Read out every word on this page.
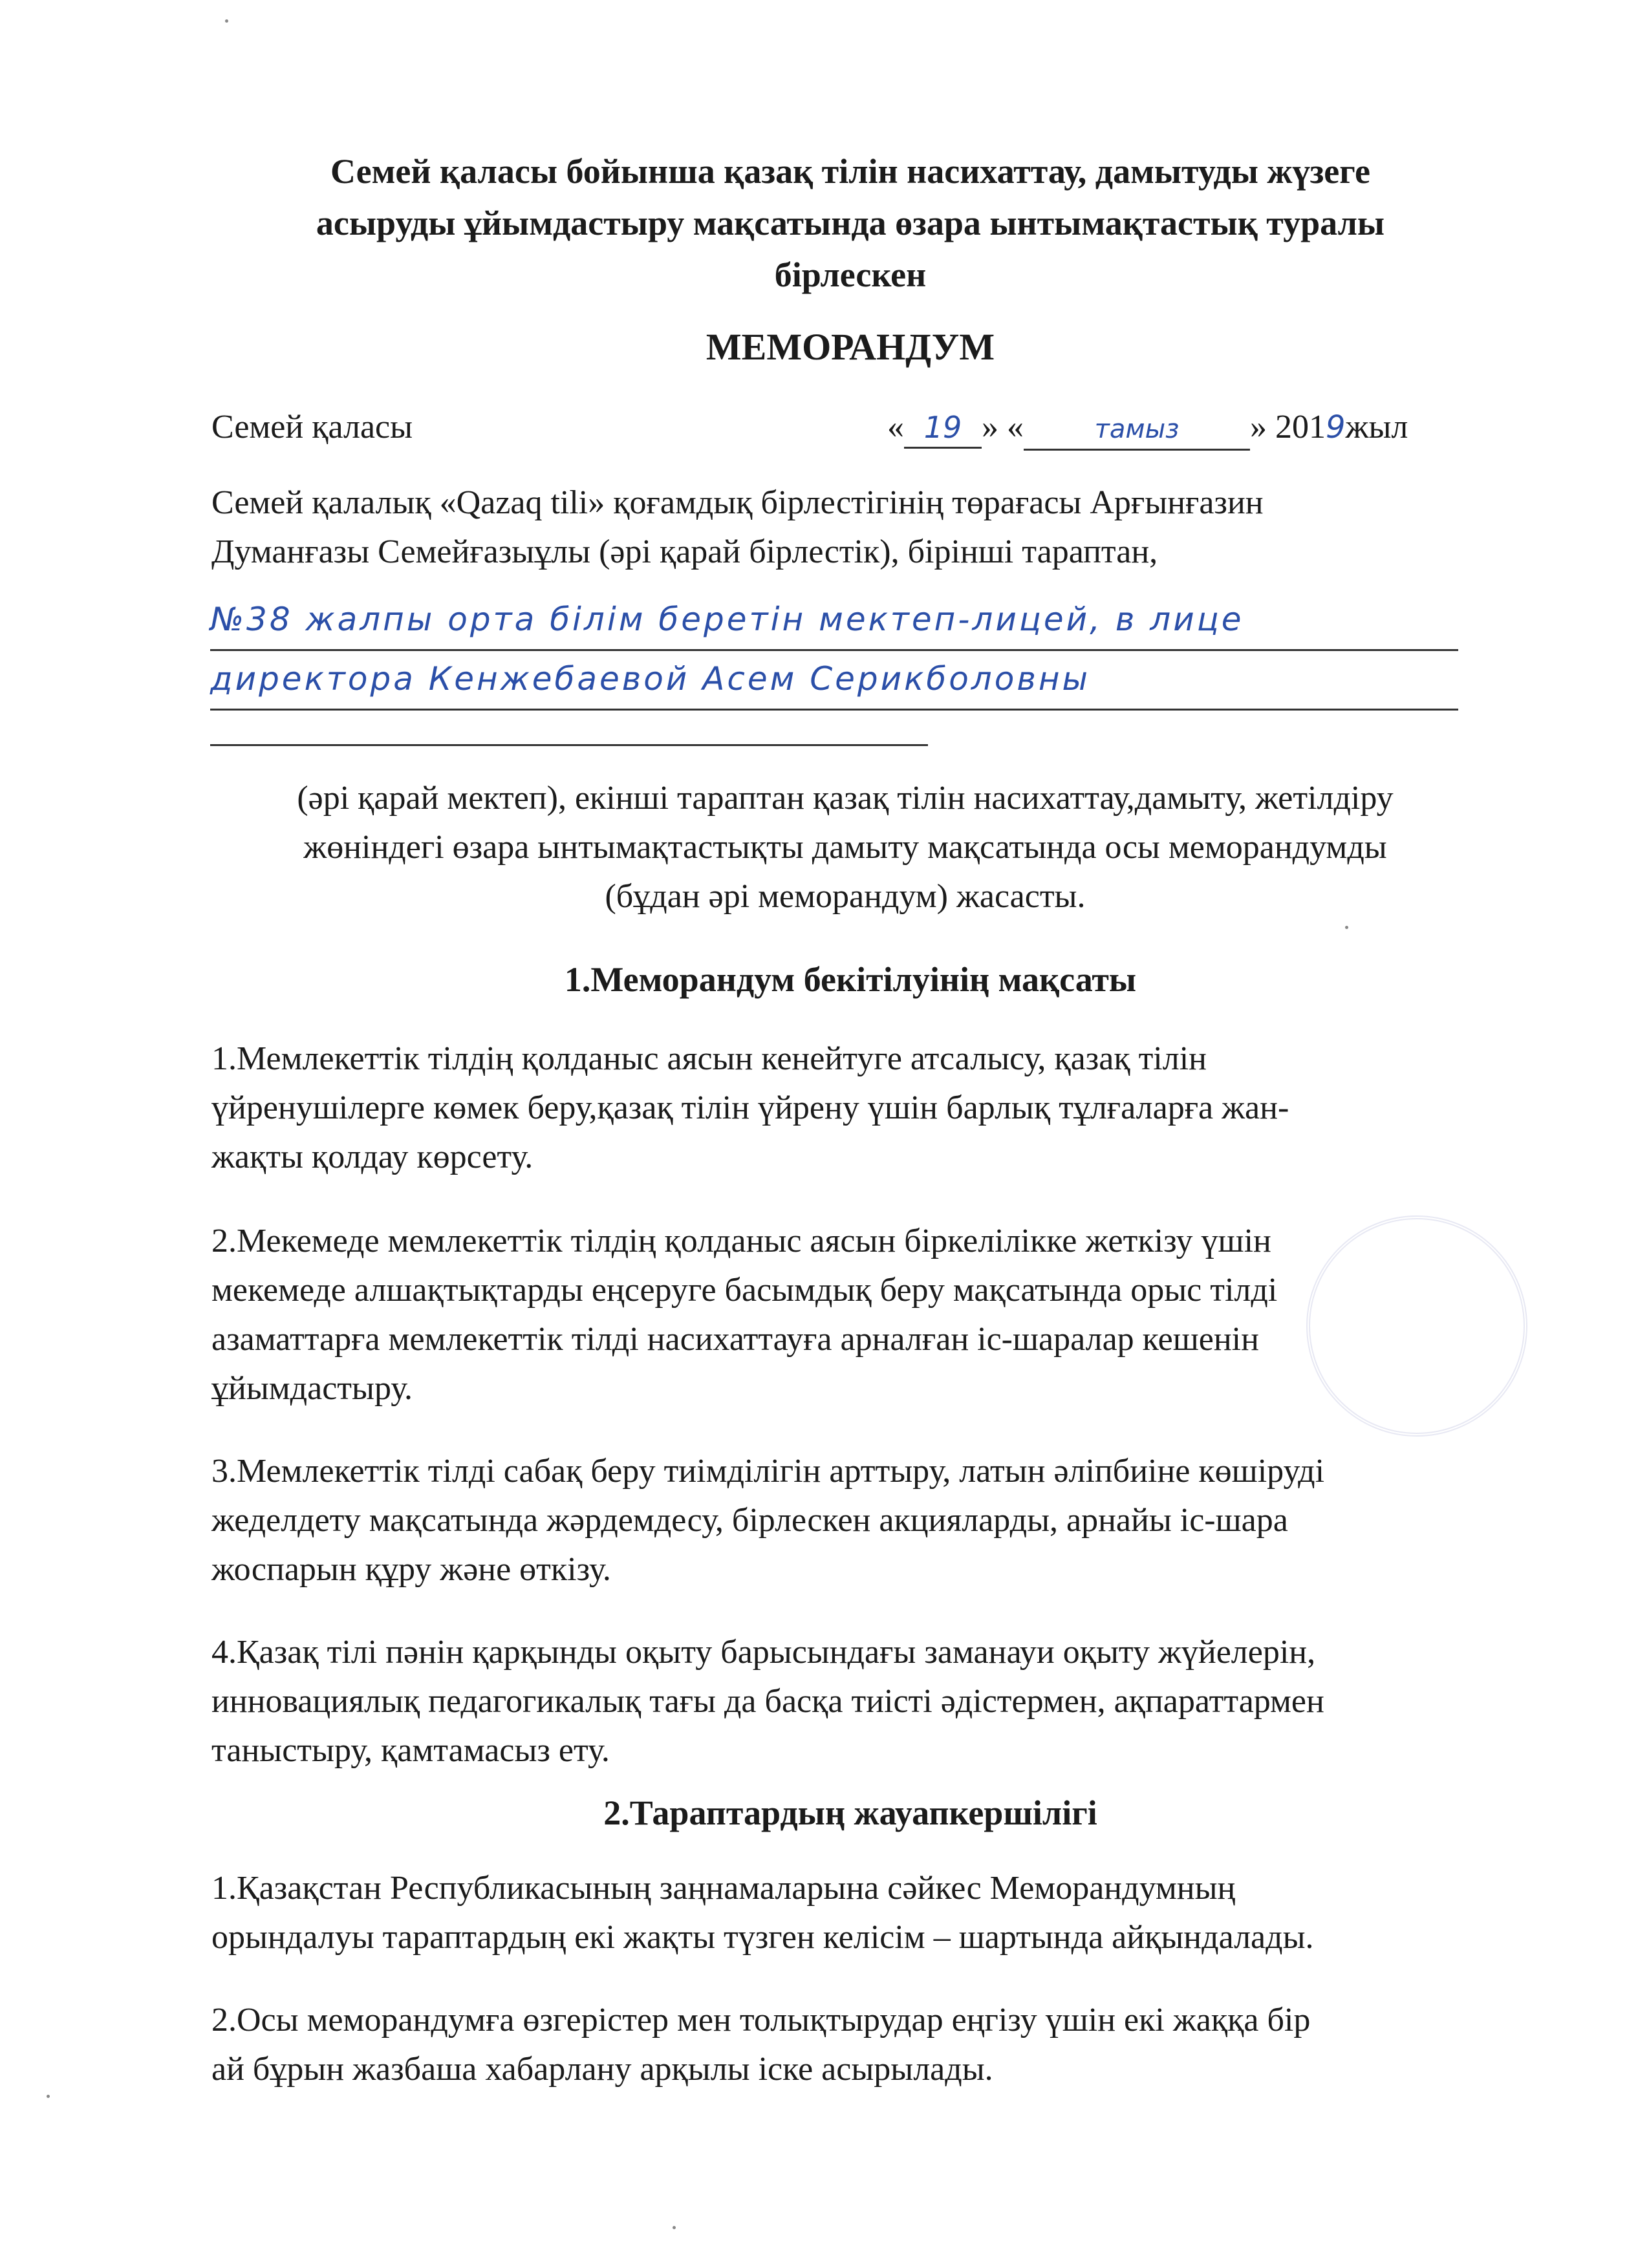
Семей қаласы бойынша қазақ тілін насихаттау, дамытуды жүзеге
асыруды ұйымдастыру мақсатында өзара ынтымақтастық туралы
бірлескен
МЕМОРАНДУМ
Семей қаласы	« 19 » «	тамыз » 2019жыл
Семей қалалық «Qazaq tili» қоғамдық бірлестігінің төрағасы Арғынғазин
Думанғазы Семейғазыұлы (әрі қарай бірлестік), бірінші тараптан,
№38 жалпы орта білім беретін мектеп-лицей, в лице
директора Кенжебаевой Асем Серикболовны
(әрі қарай мектеп), екінші тараптан қазақ тілін насихаттау,дамыту, жетілдіру
жөніндегі өзара ынтымақтастықты дамыту мақсатында осы меморандумды
(бұдан әрі меморандум) жасасты.
1.Меморандум бекітілуінің мақсаты
1.Мемлекеттік тілдің қолданыс аясын кенейтуге атсалысу, қазақ тілін
үйренушілерге көмек беру,қазақ тілін үйрену үшін барлық тұлғаларға жан-
жақты қолдау көрсету.
2.Мекемеде мемлекеттік тілдің қолданыс аясын біркелілікке жеткізу үшін
мекемеде алшақтықтарды еңсеруге басымдық беру мақсатында орыс тілді
азаматтарға мемлекеттік тілді насихаттауға арналған іс-шаралар кешенін
ұйымдастыру.
3.Мемлекеттік тілді сабақ беру тиімділігін арттыру, латын әліпбиіне көшіруді
жеделдету мақсатында жәрдемдесу, бірлескен акцияларды, арнайы іс-шара
жоспарын құру және өткізу.
4.Қазақ тілі пәнін қарқынды оқыту барысындағы заманауи оқыту жүйелерін,
инновациялық педагогикалық тағы да басқа тиісті әдістермен, ақпараттармен
таныстыру, қамтамасыз ету.
2.Тараптардың жауапкершілігі
1.Қазақстан Республикасының заңнамаларына сәйкес Меморандумның
орындалуы тараптардың екі жақты түзген келісім – шартында айқындалады.
2.Осы меморандумға өзгерістер мен толықтырудар еңгізу үшін екі жаққа бір
ай бұрын жазбаша хабарлану арқылы іске асырылады.
